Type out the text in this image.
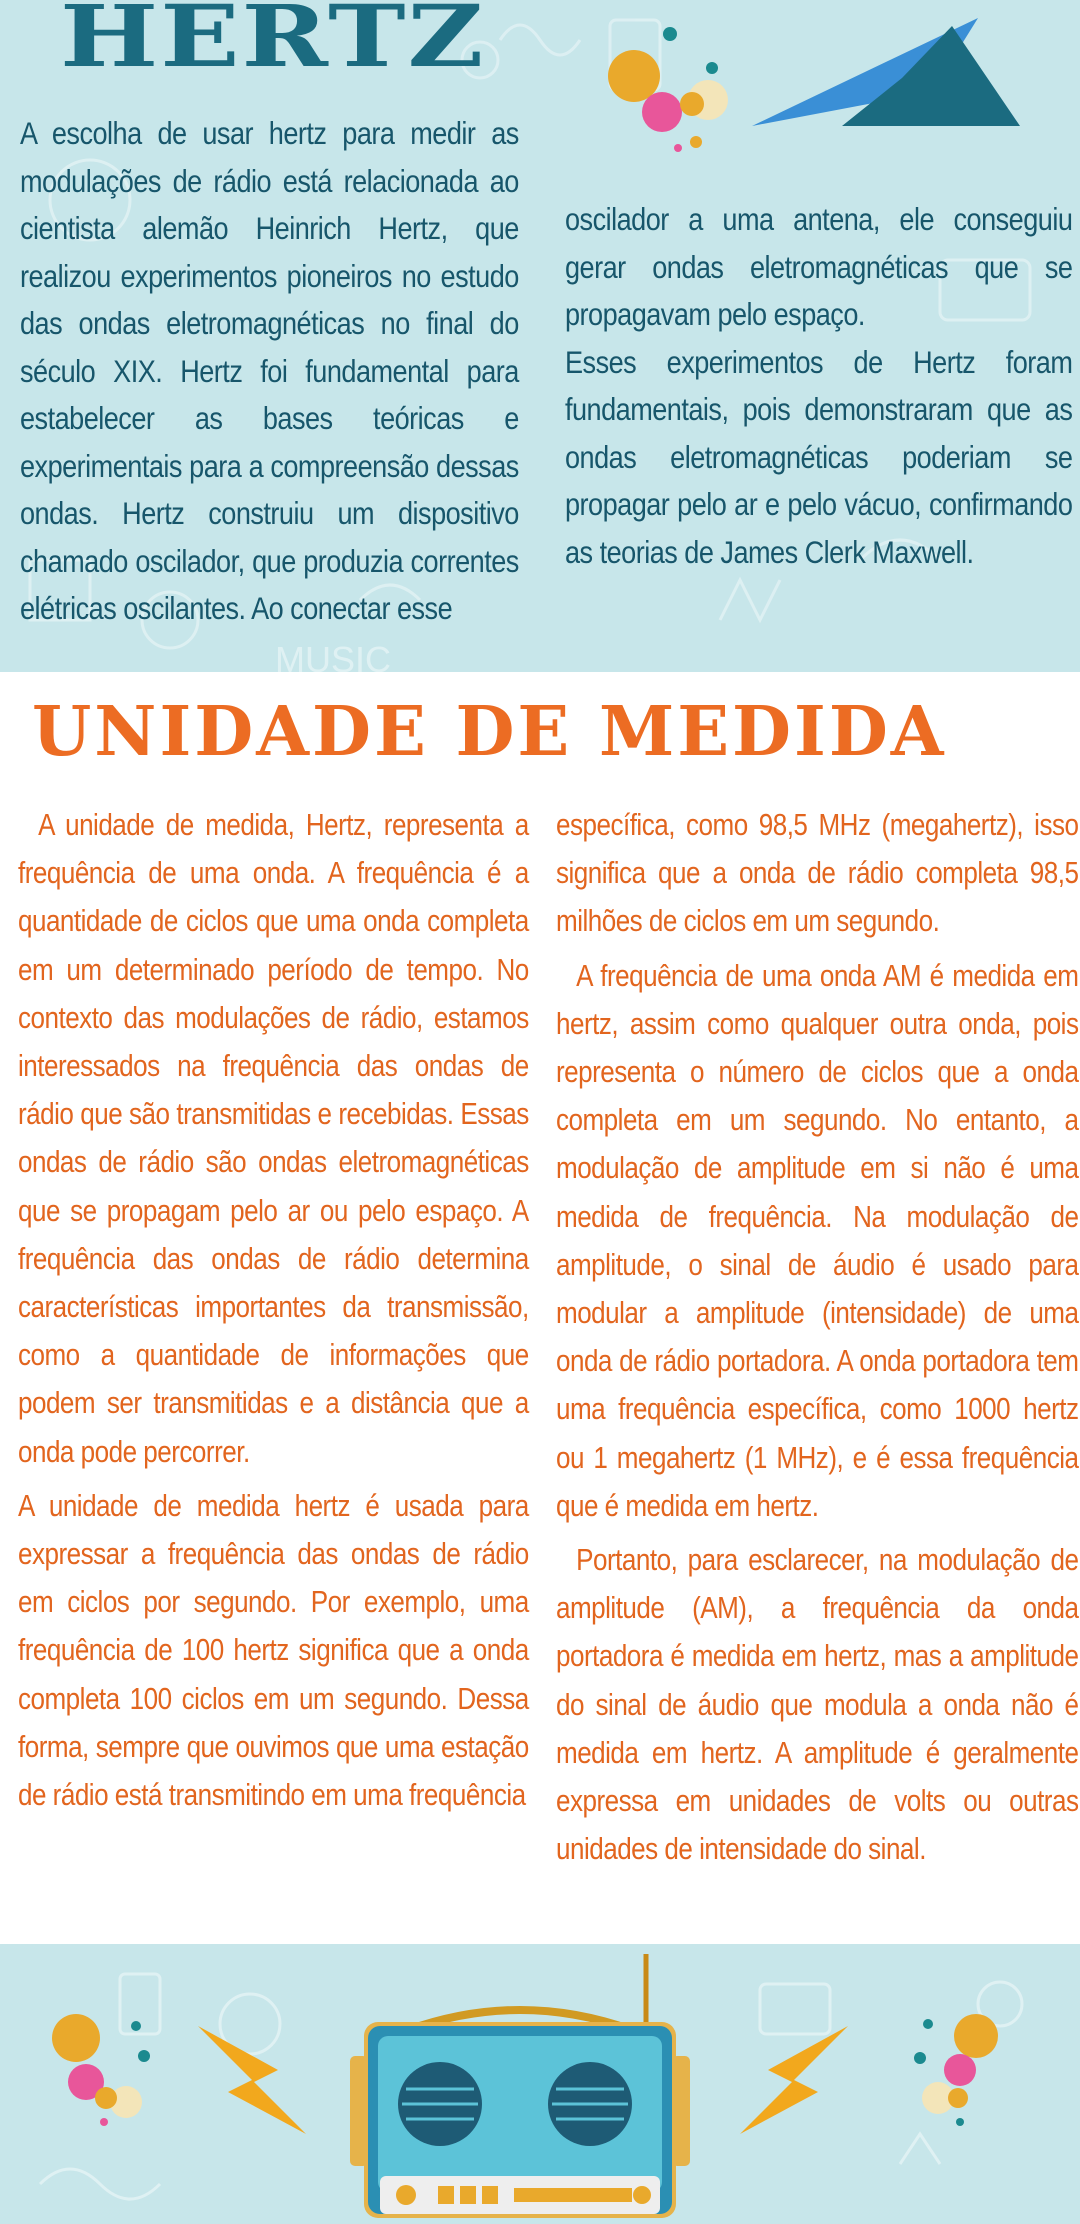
MUSIC
HERTZ

A escolha de usar hertz para medir as modulações de rádio está relacionada ao cientista alemão Heinrich Hertz, que realizou experimentos pioneiros no estudo das ondas eletromagnéticas no final do século XIX. Hertz foi fundamental para estabelecer as bases teóricas e experimentais para a compreensão dessas ondas. Hertz construiu um dispositivo chamado oscilador, que produzia correntes elétricas oscilantes. Ao conectar esse

oscilador a uma antena, ele conseguiu gerar ondas eletromagnéticas que se propagavam pelo espaço.

Esses experimentos de Hertz foram fundamentais, pois demonstraram que as ondas eletromagnéticas poderiam se propagar pelo ar e pelo vácuo, confirmando as teorias de James Clerk Maxwell.

UNIDADE DE MEDIDA

A unidade de medida, Hertz, representa a frequência de uma onda. A frequência é a quantidade de ciclos que uma onda completa em um determinado período de tempo. No contexto das modulações de rádio, estamos interessados na frequência das ondas de rádio que são transmitidas e recebidas. Essas ondas de rádio são ondas eletromagnéticas que se propagam pelo ar ou pelo espaço. A frequência das ondas de rádio determina características importantes da transmissão, como a quantidade de informações que podem ser transmitidas e a distância que a onda pode percorrer.

A unidade de medida hertz é usada para expressar a frequência das ondas de rádio em ciclos por segundo. Por exemplo, uma frequência de 100 hertz significa que a onda completa 100 ciclos em um segundo. Dessa forma, sempre que ouvimos que uma estação de rádio está transmitindo em uma frequência

específica, como 98,5 MHz (megahertz), isso significa que a onda de rádio completa 98,5 milhões de ciclos em um segundo.

A frequência de uma onda AM é medida em hertz, assim como qualquer outra onda, pois representa o número de ciclos que a onda completa em um segundo. No entanto, a modulação de amplitude em si não é uma medida de frequência. Na modulação de amplitude, o sinal de áudio é usado para modular a amplitude (intensidade) de uma onda de rádio portadora. A onda portadora tem uma frequência específica, como 1000 hertz ou 1 megahertz (1 MHz), e é essa frequência que é medida em hertz.

Portanto, para esclarecer, na modulação de amplitude (AM), a frequência da onda portadora é medida em hertz, mas a amplitude do sinal de áudio que modula a onda não é medida em hertz. A amplitude é geralmente expressa em unidades de volts ou outras unidades de intensidade do sinal.
